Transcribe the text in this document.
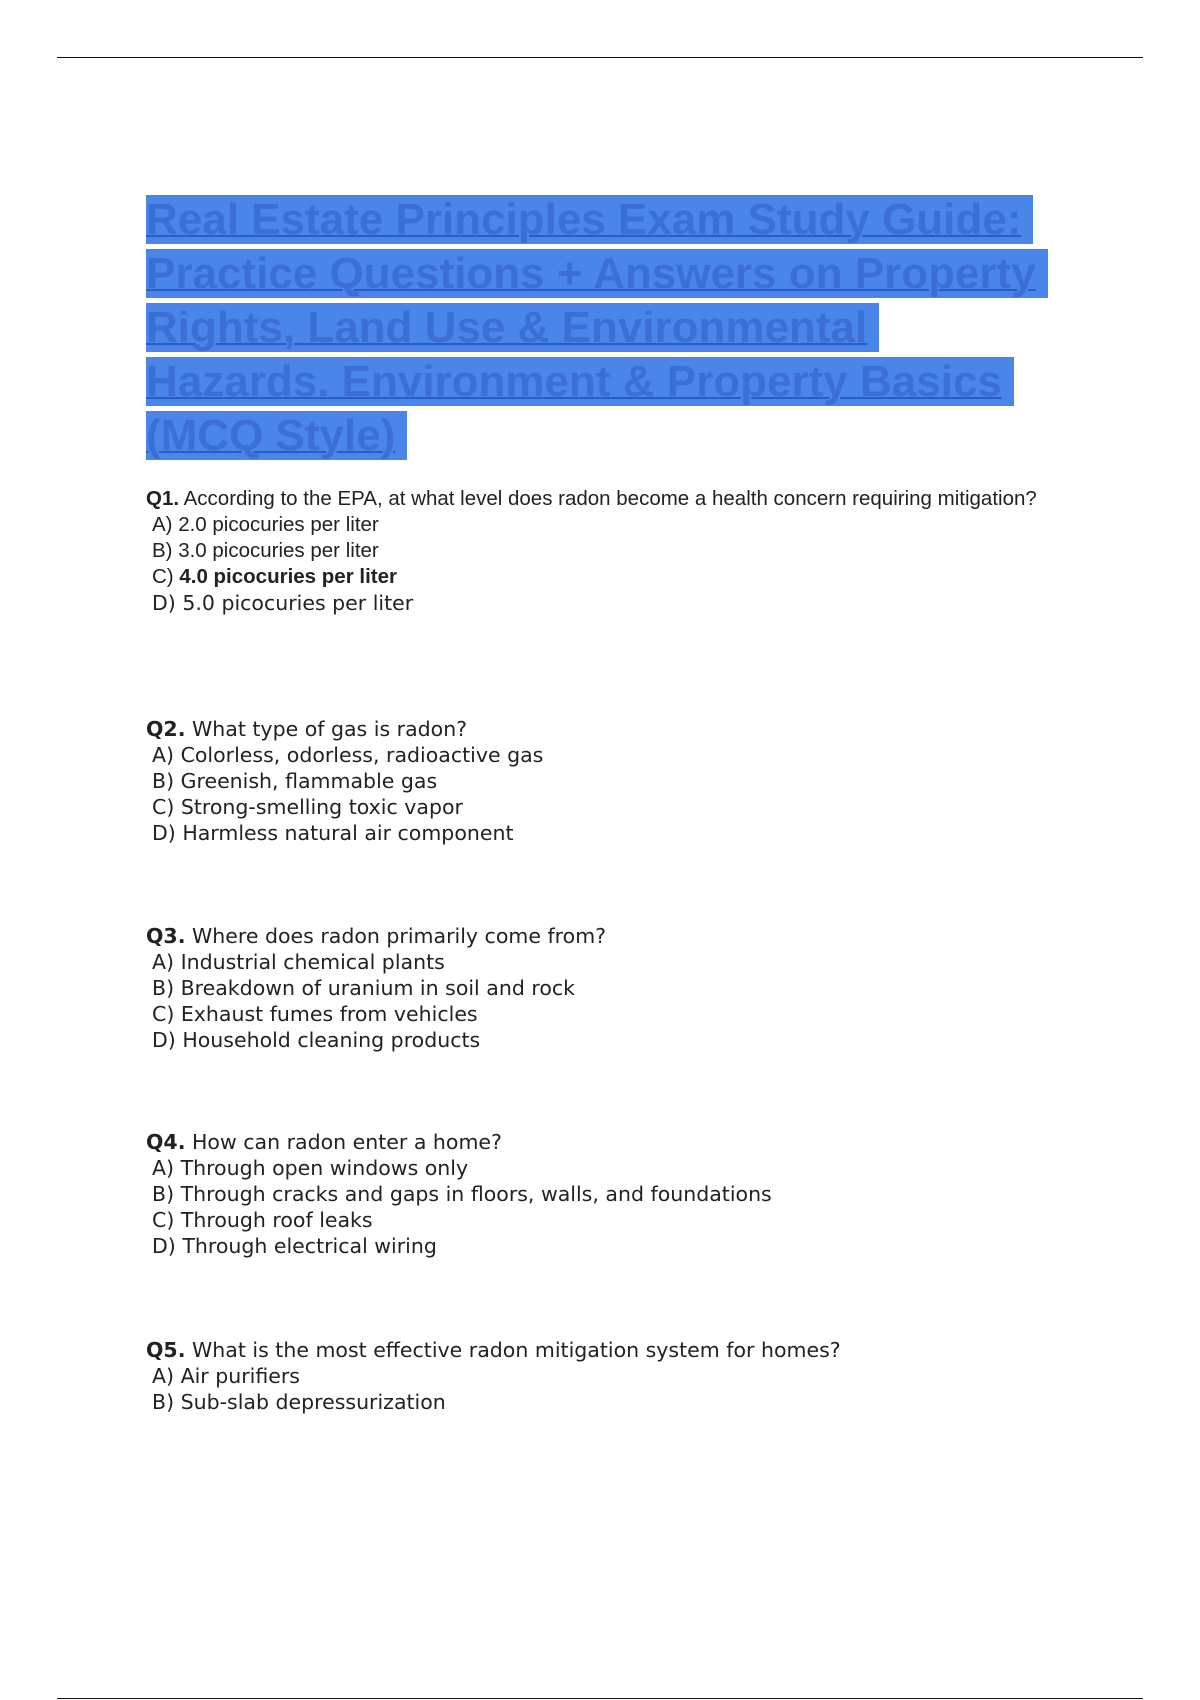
Real Estate Principles Exam Study Guide:
Practice Questions + Answers on Property
Rights, Land Use & Environmental
Hazards. Environment & Property Basics
(MCQ Style)
Q1. According to the EPA, at what level does radon become a health concern requiring mitigation?
A) 2.0 picocuries per liter
B) 3.0 picocuries per liter
C) 4.0 picocuries per liter
D) 5.0 picocuries per liter
Q2. What type of gas is radon?
A) Colorless, odorless, radioactive gas
B) Greenish, flammable gas
C) Strong-smelling toxic vapor
D) Harmless natural air component
Q3. Where does radon primarily come from?
A) Industrial chemical plants
B) Breakdown of uranium in soil and rock
C) Exhaust fumes from vehicles
D) Household cleaning products
Q4. How can radon enter a home?
A) Through open windows only
B) Through cracks and gaps in floors, walls, and foundations
C) Through roof leaks
D) Through electrical wiring
Q5. What is the most effective radon mitigation system for homes?
A) Air purifiers
B) Sub-slab depressurization
